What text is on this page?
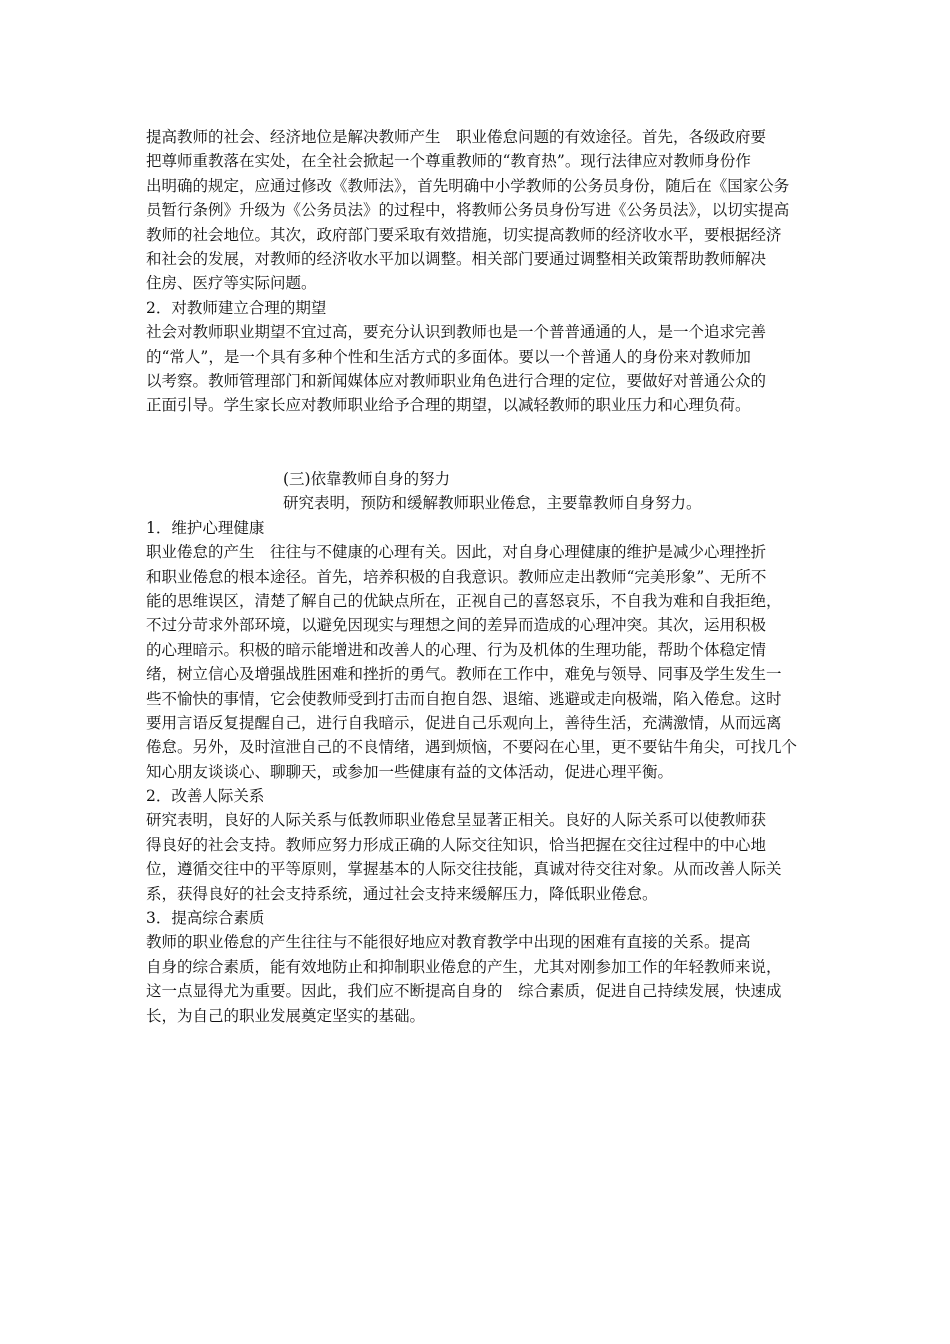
提高教师的社会、经济地位是解决教师产生　职业倦怠问题的有效途径。首先，各级政府要
把尊师重教落在实处，在全社会掀起一个尊重教师的“教育热”。现行法律应对教师身份作
出明确的规定，应通过修改《教师法》，首先明确中小学教师的公务员身份，随后在《国家公务
员暂行条例》升级为《公务员法》的过程中，将教师公务员身份写进《公务员法》，以切实提高
教师的社会地位。其次，政府部门要采取有效措施，切实提高教师的经济收水平，要根据经济
和社会的发展，对教师的经济收水平加以调整。相关部门要通过调整相关政策帮助教师解决
住房、医疗等实际问题。
2．对教师建立合理的期望
社会对教师职业期望不宜过高，要充分认识到教师也是一个普普通通的人，是一个追求完善
的“常人”，是一个具有多种个性和生活方式的多面体。要以一个普通人的身份来对教师加
以考察。教师管理部门和新闻媒体应对教师职业角色进行合理的定位，要做好对普通公众的
正面引导。学生家长应对教师职业给予合理的期望，以减轻教师的职业压力和心理负荷。
(三)依靠教师自身的努力
研究表明，预防和缓解教师职业倦怠，主要靠教师自身努力。
1．维护心理健康
职业倦怠的产生　往往与不健康的心理有关。因此，对自身心理健康的维护是减少心理挫折
和职业倦怠的根本途径。首先，培养积极的自我意识。教师应走出教师“完美形象”、无所不
能的思维误区，清楚了解自己的优缺点所在，正视自己的喜怒哀乐，不自我为难和自我拒绝，
不过分苛求外部环境，以避免因现实与理想之间的差异而造成的心理冲突。其次，运用积极
的心理暗示。积极的暗示能增进和改善人的心理、行为及机体的生理功能，帮助个体稳定情
绪，树立信心及增强战胜困难和挫折的勇气。教师在工作中，难免与领导、同事及学生发生一
些不愉快的事情，它会使教师受到打击而自抱自怨、退缩、逃避或走向极端，陷入倦怠。这时
要用言语反复提醒自己，进行自我暗示，促进自己乐观向上，善待生活，充满激情，从而远离
倦怠。另外，及时渲泄自己的不良情绪，遇到烦恼，不要闷在心里，更不要钻牛角尖，可找几个
知心朋友谈谈心、聊聊天，或参加一些健康有益的文体活动，促进心理平衡。
2．改善人际关系
研究表明，良好的人际关系与低教师职业倦怠呈显著正相关。良好的人际关系可以使教师获
得良好的社会支持。教师应努力形成正确的人际交往知识，恰当把握在交往过程中的中心地
位，遵循交往中的平等原则，掌握基本的人际交往技能，真诚对待交往对象。从而改善人际关
系，获得良好的社会支持系统，通过社会支持来缓解压力，降低职业倦怠。
3．提高综合素质
教师的职业倦怠的产生往往与不能很好地应对教育教学中出现的困难有直接的关系。提高
自身的综合素质，能有效地防止和抑制职业倦怠的产生，尤其对刚参加工作的年轻教师来说，
这一点显得尤为重要。因此，我们应不断提高自身的　综合素质，促进自己持续发展，快速成
长，为自己的职业发展奠定坚实的基础。
